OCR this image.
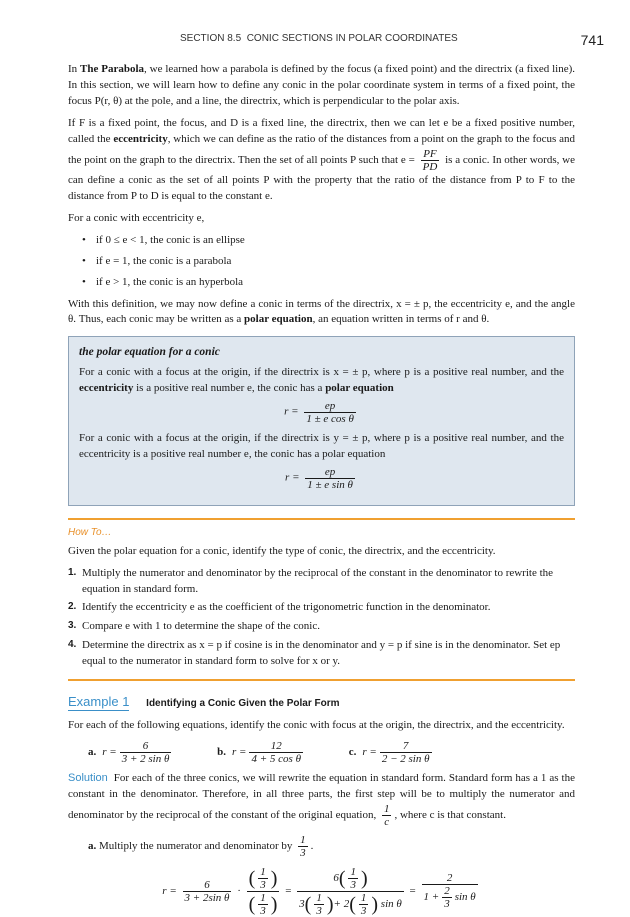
SECTION 8.5 CONIC SECTIONS IN POLAR COORDINATES	741

In The Parabola, we learned how a parabola is defined by the focus (a fixed point) and the directrix (a fixed line). In this section, we will learn how to define any conic in the polar coordinate system in terms of a fixed point, the focus P(r, θ) at the pole, and a line, the directrix, which is perpendicular to the polar axis.

If F is a fixed point, the focus, and D is a fixed line, the directrix, then we can let e be a fixed positive number, called the eccentricity, which we can define as the ratio of the distances from a point on the graph to the focus and the point on the graph to the directrix. Then the set of all points P such that $e = \frac{PF}{PD}$ is a conic. In other words, we can define a conic as the set of all points P with the property that the ratio of the distance from P to F to the distance from P to D is equal to the constant e.

For a conic with eccentricity e,

• if 0 ≤ e < 1, the conic is an ellipse
• if e = 1, the conic is a parabola
• if e > 1, the conic is an hyperbola

With this definition, we may now define a conic in terms of the directrix, x = ± p, the eccentricity e, and the angle θ. Thus, each conic may be written as a polar equation, an equation written in terms of r and θ.

the polar equation for a conic

For a conic with a focus at the origin, if the directrix is x = ± p, where p is a positive real number, and the eccentricity is a positive real number e, the conic has a polar equation

$r = \frac{ep}{\text{1 ± e cos θ}}$

For a conic with a focus at the origin, if the directrix is y = ± p, where p is a positive real number, and the eccentricity is a positive real number e, the conic has a polar equation

$r = \frac{ep}{\text{1 ± e sin θ}}$
How To…

Given the polar equation for a conic, identify the type of conic, the directrix, and the eccentricity.

1. Multiply the numerator and denominator by the reciprocal of the constant in the denominator to rewrite the equation in standard form.
2. Identify the eccentricity e as the coefficient of the trigonometric function in the denominator.
3. Compare e with 1 to determine the shape of the conic.
4. Determine the directrix as x = p if cosine is in the denominator and y = p if sine is in the denominator. Set ep equal to the numerator in standard form to solve for x or y.
Example 1 Identifying a Conic Given the Polar Form

For each of the following equations, identify the conic with focus at the origin, the directrix, and the eccentricity.

a. $r = \frac{6}{\text{3 + 2 sin θ}}$	b. $r = \frac{12}{\text{4 + 5 cos θ}}$	c. $r = \frac{7}{\text{2 − 2 sin θ}}$

Solution For each of the three conics, we will rewrite the equation in standard form. Standard form has a 1 as the constant in the denominator. Therefore, in all three parts, the first step will be to multiply the numerator and denominator by the reciprocal of the constant of the original equation, $\frac{1}{c}$ , where c is that constant.

a. Multiply the numerator and denominator by $\frac{1}{3}$ .

$r = \frac{6}{\text{3 + 2sin θ}} \cdot \frac{( \frac{1}{3} )}{( \frac{1}{3} )} = \frac{6( \frac{1}{3} )}{3( \frac{1}{3} )+ 2( \frac{1}{3} ) \sin \theta} = \frac{2}{1 + \frac{2}{3} \sin \theta}$
